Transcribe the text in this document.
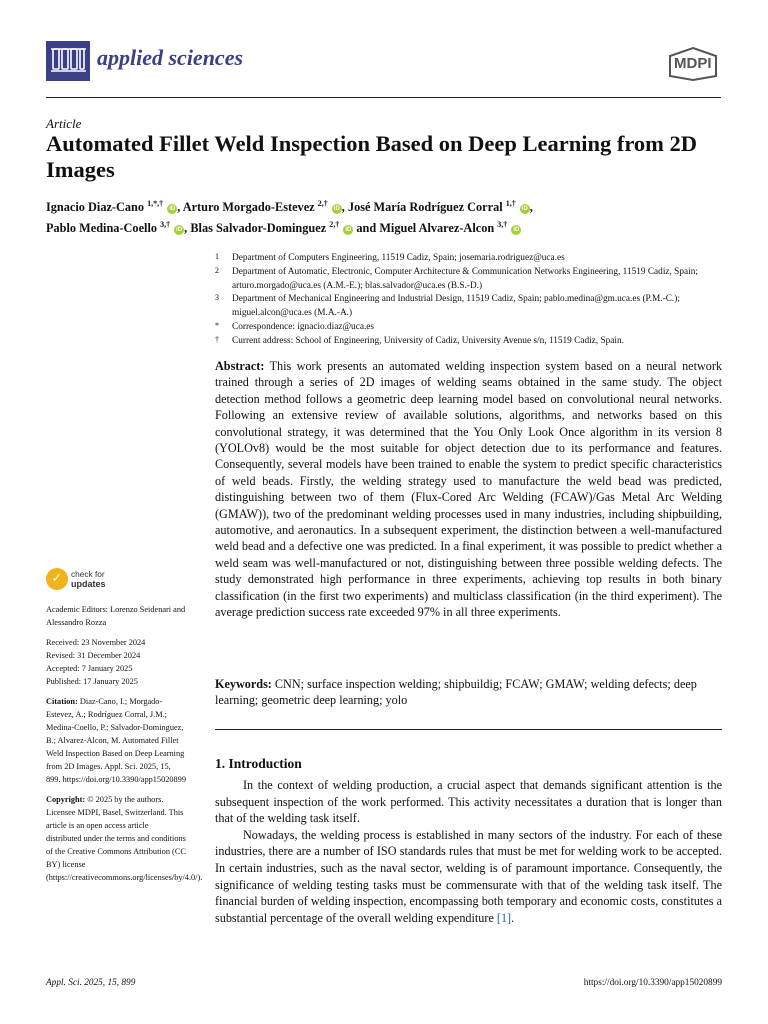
applied sciences	MDPI
Article
Automated Fillet Weld Inspection Based on Deep Learning from 2D Images
Ignacio Diaz-Cano $^{1,*,\dagger}$ iD , Arturo Morgado-Estevez $^{2,\dagger}$ iD , José María Rodríguez Corral $^{1,\dagger}$ iD ,
Pablo Medina-Coello $^{3,\dagger}$ iD , Blas Salvador-Dominguez $^{2,\dagger}$ iD and Miguel Alvarez-Alcon $^{3,\dagger}$ iD
1 Department of Computers Engineering, 11519 Cadiz, Spain; josemaria.rodriguez@uca.es
2 Department of Automatic, Electronic, Computer Architecture & Communication Networks Engineering, 11519 Cadiz, Spain; arturo.morgado@uca.es (A.M.-E.); blas.salvador@uca.es (B.S.-D.)
3 Department of Mechanical Engineering and Industrial Design, 11519 Cadiz, Spain; pablo.medina@gm.uca.es (P.M.-C.); miguel.alcon@uca.es (M.A.-A.)
* Correspondence: ignacio.diaz@uca.es
† Current address: School of Engineering, University of Cadiz, University Avenue s/n, 11519 Cadiz, Spain.
Abstract: This work presents an automated welding inspection system based on a neural network trained through a series of 2D images of welding seams obtained in the same study. The object detection method follows a geometric deep learning model based on convolutional neural networks. Following an extensive review of available solutions, algorithms, and networks based on this convolutional strategy, it was determined that the You Only Look Once algorithm in its version 8 (YOLOv8) would be the most suitable for object detection due to its performance and features. Consequently, several models have been trained to enable the system to predict specific characteristics of weld beads. Firstly, the welding strategy used to manufacture the weld bead was predicted, distinguishing between two of them (Flux-Cored Arc Welding (FCAW)/Gas Metal Arc Welding (GMAW)), two of the predominant welding processes used in many industries, including shipbuilding, automotive, and aeronautics. In a subsequent experiment, the distinction between a well-manufactured weld bead and a defective one was predicted. In a final experiment, it was possible to predict whether a weld seam was well-manufactured or not, distinguishing between three possible welding defects. The study demonstrated high performance in three experiments, achieving top results in both binary classification (in the first two experiments) and multiclass classification (in the third experiment). The average prediction success rate exceeded 97% in all three experiments.
Keywords: CNN; surface inspection welding; shipbuildig; FCAW; GMAW; welding defects; deep learning; geometric deep learning; yolo
1. Introduction

In the context of welding production, a crucial aspect that demands significant attention is the subsequent inspection of the work performed. This activity necessitates a duration that is longer than that of the welding task itself.

Nowadays, the welding process is established in many sectors of the industry. For each of these industries, there are a number of ISO standards rules that must be met for welding work to be accepted. In certain industries, such as the naval sector, welding is of paramount importance. Consequently, the significance of welding testing tasks must be commensurate with that of the welding task itself. The financial burden of welding inspection, encompassing both temporary and economic costs, constitutes a substantial percentage of the overall welding expenditure [1].

✓	check for
updates

Academic Editors: Lorenzo Seidenari and Alessandro Rozza

Received: 23 November 2024
Revised: 31 December 2024
Accepted: 7 January 2025
Published: 17 January 2025

Citation: Diaz-Cano, I.; Morgado-Estevez, A.; Rodríguez Corral, J.M.; Medina-Coello, P.; Salvador-Dominguez, B.; Alvarez-Alcon, M. Automated Fillet Weld Inspection Based on Deep Learning from 2D Images. Appl. Sci. 2025, 15, 899. https://doi.org/10.3390/app15020899

Copyright: © 2025 by the authors. Licensee MDPI, Basel, Switzerland. This article is an open access article distributed under the terms and conditions of the Creative Commons Attribution (CC BY) license (https://creativecommons.org/licenses/by/4.0/).

Appl. Sci. 2025, 15, 899	https://doi.org/10.3390/app15020899
